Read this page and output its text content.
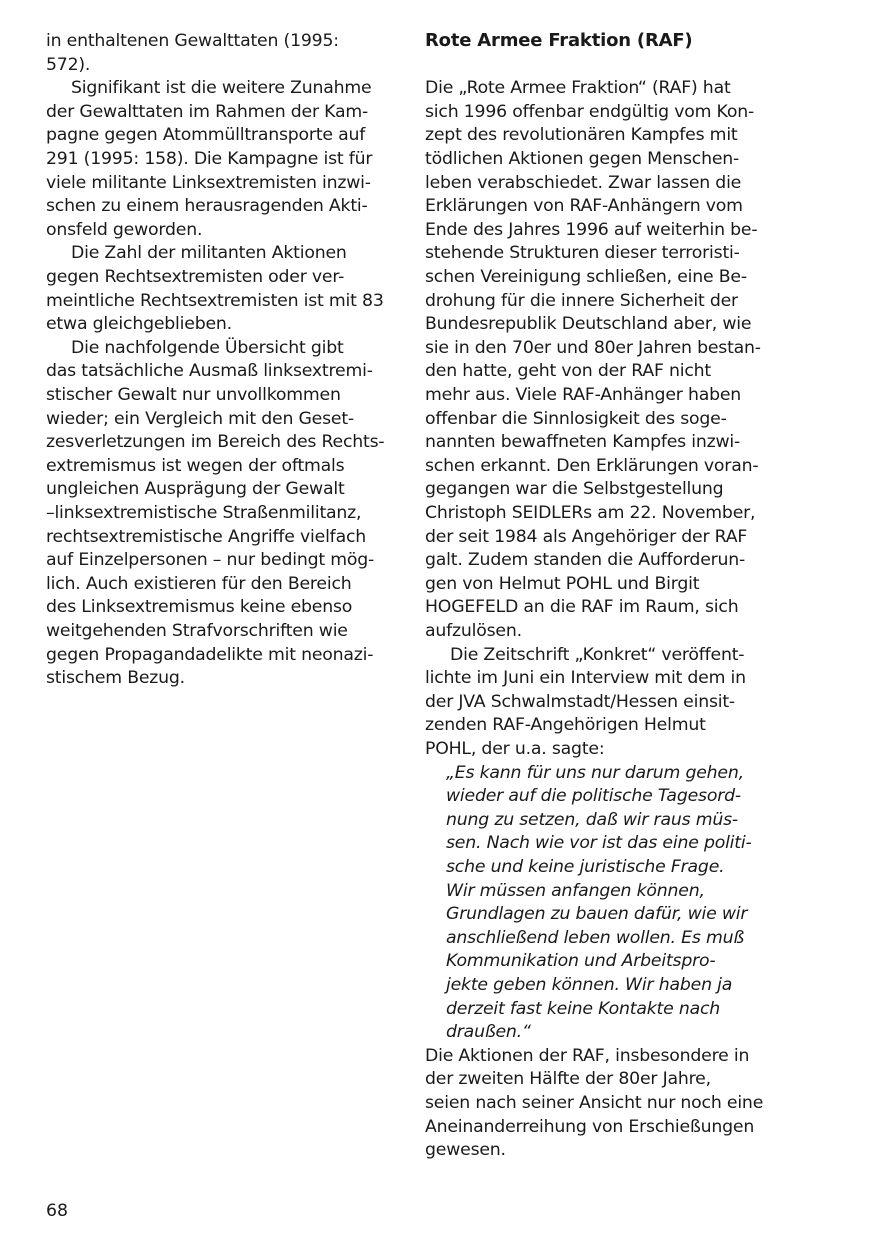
in enthaltenen Gewalttaten (1995:
572).
Signifikant ist die weitere Zunahme
der Gewalttaten im Rahmen der Kam-
pagne gegen Atommülltransporte auf
291 (1995: 158). Die Kampagne ist für
viele militante Linksextremisten inzwi-
schen zu einem herausragenden Akti-
onsfeld geworden.
Die Zahl der militanten Aktionen
gegen Rechtsextremisten oder ver-
meintliche Rechtsextremisten ist mit 83
etwa gleichgeblieben.
Die nachfolgende Übersicht gibt
das tatsächliche Ausmaß linksextremi-
stischer Gewalt nur unvollkommen
wieder; ein Vergleich mit den Geset-
zesverletzungen im Bereich des Rechts-
extremismus ist wegen der oftmals
ungleichen Ausprägung der Gewalt
–linksextremistische Straßenmilitanz,
rechtsextremistische Angriffe vielfach
auf Einzelpersonen – nur bedingt mög-
lich. Auch existieren für den Bereich
des Linksextremismus keine ebenso
weitgehenden Strafvorschriften wie
gegen Propagandadelikte mit neonazi-
stischem Bezug.
Rote Armee Fraktion (RAF)
Die „Rote Armee Fraktion“ (RAF) hat
sich 1996 offenbar endgültig vom Kon-
zept des revolutionären Kampfes mit
tödlichen Aktionen gegen Menschen-
leben verabschiedet. Zwar lassen die
Erklärungen von RAF-Anhängern vom
Ende des Jahres 1996 auf weiterhin be-
stehende Strukturen dieser terroristi-
schen Vereinigung schließen, eine Be-
drohung für die innere Sicherheit der
Bundesrepublik Deutschland aber, wie
sie in den 70er und 80er Jahren bestan-
den hatte, geht von der RAF nicht
mehr aus. Viele RAF-Anhänger haben
offenbar die Sinnlosigkeit des soge-
nannten bewaffneten Kampfes inzwi-
schen erkannt. Den Erklärungen voran-
gegangen war die Selbstgestellung
Christoph SEIDLERs am 22. November,
der seit 1984 als Angehöriger der RAF
galt. Zudem standen die Aufforderun-
gen von Helmut POHL und Birgit
HOGEFELD an die RAF im Raum, sich
aufzulösen.
Die Zeitschrift „Konkret“ veröffent-
lichte im Juni ein Interview mit dem in
der JVA Schwalmstadt/Hessen einsit-
zenden RAF-Angehörigen Helmut
POHL, der u.a. sagte:
„Es kann für uns nur darum gehen,
wieder auf die politische Tagesord-
nung zu setzen, daß wir raus müs-
sen. Nach wie vor ist das eine politi-
sche und keine juristische Frage.
Wir müssen anfangen können,
Grundlagen zu bauen dafür, wie wir
anschließend leben wollen. Es muß
Kommunikation und Arbeitspro-
jekte geben können. Wir haben ja
derzeit fast keine Kontakte nach
draußen.“
Die Aktionen der RAF, insbesondere in
der zweiten Hälfte der 80er Jahre,
seien nach seiner Ansicht nur noch eine
Aneinanderreihung von Erschießungen
gewesen.
68
